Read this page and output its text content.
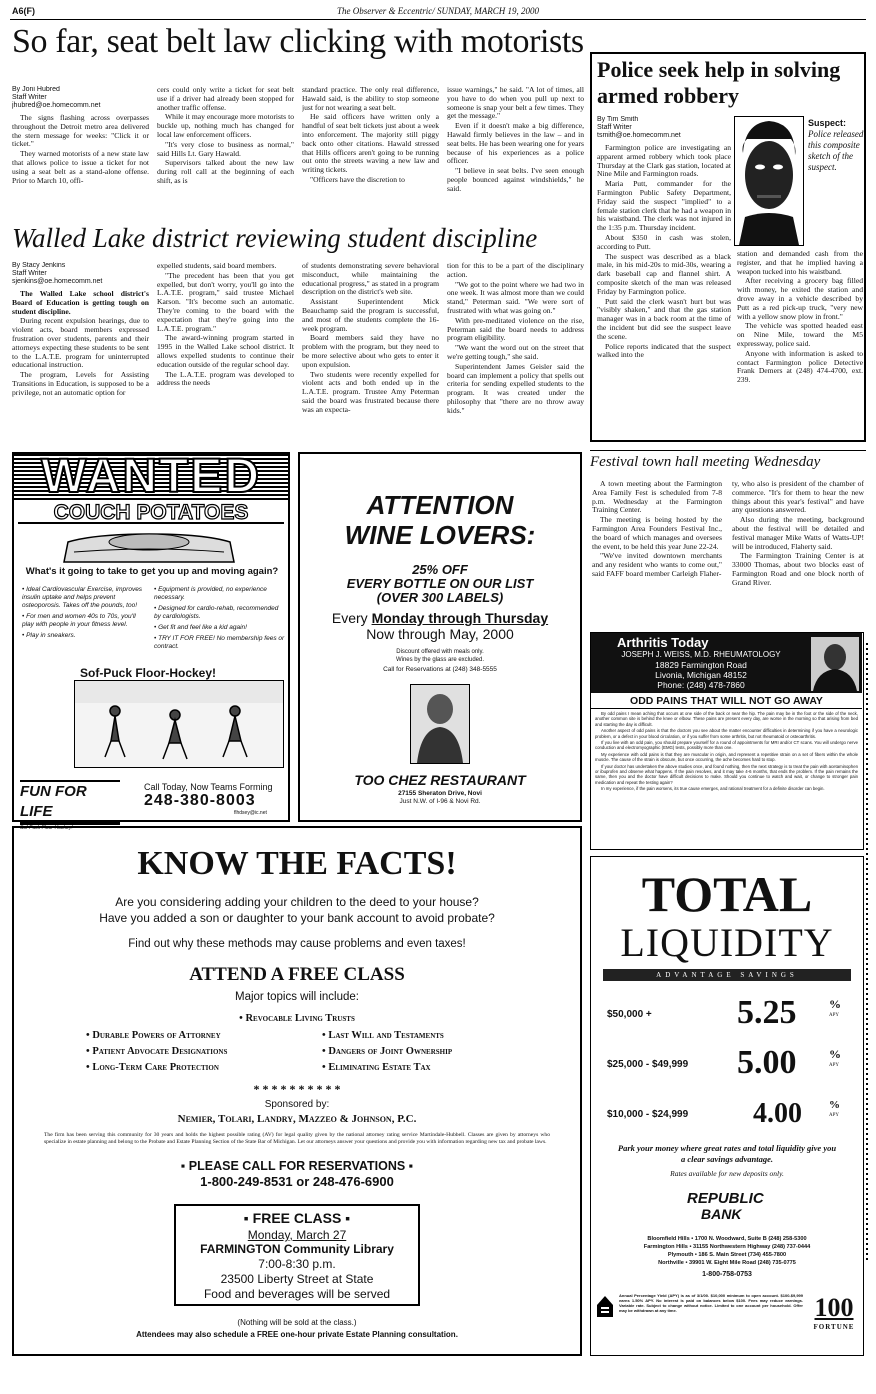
A6(F)	The Observer & Eccentric/ SUNDAY, MARCH 19, 2000
So far, seat belt law clicking with motorists
By Joni Hubred
Staff Writer
jhubred@oe.homecomm.net

The signs flashing across overpasses throughout the Detroit metro area delivered the stern message for weeks: "Click it or ticket."

They warned motorists of a new state law that allows police to issue a ticket for not using a seat belt as a stand-alone offense. Prior to March 10, offi-

cers could only write a ticket for seat belt use if a driver had already been stopped for another traffic offense.

While it may encourage more motorists to buckle up, nothing much has changed for local law enforcement officers.

"It's very close to business as normal," said Hills Lt. Gary Hawald.

Supervisors talked about the new law during roll call at the beginning of each shift, as is

standard practice. The only real difference, Hawald said, is the ability to stop someone just for not wearing a seat belt.

He said officers have written only a handful of seat belt tickets just about a week into enforcement. The majority still piggy back onto other citations. Hawald stressed that Hills officers aren't going to be running out onto the streets waving a new law and writing tickets.

"Officers have the discretion to

issue warnings," he said. "A lot of times, all you have to do when you pull up next to someone is snap your belt a few times. They get the message."

Even if it doesn't make a big difference, Hawald firmly believes in the law – and in seat belts. He has been wearing one for years because of his experiences as a police officer.

"I believe in seat belts. I've seen enough people bounced against windshields," he said.

Police seek help in solving armed robbery
By Tim Smith
Staff Writer
tsmith@oe.homecomm.net

Farmington police are investigating an apparent armed robbery which took place Thursday at the Clark gas station, located at Nine Mile and Farmington roads.

Maria Putt, commander for the Farmington Public Safety Department, Friday said the suspect "implied" to a female station clerk that he had a weapon in his waistband. The clerk was not injured in the 1:35 p.m. Thursday incident.

About $350 in cash was stolen, according to Putt.

The suspect was described as a black male, in his mid-20s to mid-30s, wearing a dark baseball cap and flannel shirt. A composite sketch of the man was released Friday by Farmington police.

Putt said the clerk wasn't hurt but was "visibly shaken," and that the gas station manager was in a back room at the time of the incident but did see the suspect leave the scene.

Police reports indicated that the suspect walked into the

Suspect:
Police released this composite sketch of the suspect.

station and demanded cash from the register, and that he implied having a weapon tucked into his waistband.

After receiving a grocery bag filled with money, he exited the station and drove away in a vehicle described by Putt as a red pick-up truck, "very new with a yellow snow plow in front."

The vehicle was spotted headed east on Nine Mile, toward the M5 expressway, police said.

Anyone with information is asked to contact Farmington police Detective Frank Demers at (248) 474-4700, ext. 239.

Walled Lake district reviewing student discipline
By Stacy Jenkins
Staff Writer
sjenkins@oe.homecomm.net

The Walled Lake school district's Board of Education is getting tough on student discipline.

During recent expulsion hearings, due to violent acts, board members expressed frustration over students, parents and their attorneys expecting these students to be sent to the L.A.T.E. program for uninterrupted educational instruction.

The program, Levels for Assisting Transitions in Education, is supposed to be a privilege, not an automatic option for

expelled students, said board members.

"The precedent has been that you get expelled, but don't worry, you'll go into the L.A.T.E. program," said trustee Michael Karson. "It's become such an automatic. They're coming to the board with the expectation that they're going into the L.A.T.E. program."

The award-winning program started in 1995 in the Walled Lake school district. It allows expelled students to continue their education outside of the regular school day.

The L.A.T.E. program was developed to address the needs

of students demonstrating severe behavioral misconduct, while maintaining the educational progress," as stated in a program description on the district's web site.

Assistant Superintendent Mick Beauchamp said the program is successful, and most of the students complete the 16-week program.

Board members said they have no problem with the program, but they need to be more selective about who gets to enter it upon expulsion.

Two students were recently expelled for violent acts and both ended up in the L.A.T.E. program. Trustee Amy Peterman said the board was frustrated because there was an expecta-

tion for this to be a part of the disciplinary action.

"We got to the point where we had two in one week. It was almost more than we could stand," Peterman said. "We were sort of frustrated with what was going on."

With pre-meditated violence on the rise, Peterman said the board needs to address program eligibility.

"We want the word out on the street that we're getting tough," she said.

Superintendent James Geisler said the board can implement a policy that spells out criteria for sending expelled students to the program. It was created under the philosophy that "there are no throw away kids."

Festival town hall meeting Wednesday

A town meeting about the Farmington Area Family Fest is scheduled from 7-8 p.m. Wednesday at the Farmington Training Center.

The meeting is being hosted by the Farmington Area Founders Festival Inc., the board of which manages and oversees the event, to be held this year June 22-24.

"We've invited downtown merchants and any resident who wants to come out," said FAFF board member Carleigh Flaher-

ty, who also is president of the chamber of commerce. "It's for them to hear the new things about this year's festival" and have any questions answered.

Also during the meeting, background about the festival will be detailed and festival manager Mike Watts of Watts-UP! will be introduced, Flaherty said.

The Farmington Training Center is at 33000 Thomas, about two blocks east of Farmington Road and one block north of Grand River.

WANTED
COUCH POTATOES
What's it going to take to get you up and moving again?
• Ideal Cardiovascular Exercise, improves insulin uptake and helps prevent osteoporosis. Takes off the pounds, too!
• For men and women 40s to 70s, you'll play with people in your fitness level.
• Play in sneakers.
• Equipment is provided, no experience necessary.
• Designed for cardio-rehab, recommended by cardiologists.
• Get fit and feel like a kid again!
• TRY IT FOR FREE! No membership fees or contract.
Sof-Puck Floor-Hockey!
FUN FOR LIFE
Sof-Puck Floor-Hockey!
Call Today, Now Teams Forming
248-380-8003
flhdsey@ic.net
ATTENTION WINE LOVERS:
25% OFF
EVERY BOTTLE ON OUR LIST
(OVER 300 LABELS)
Every Monday through Thursday
Now through May, 2000
Discount offered with meals only.
Wines by the glass are excluded.
Call for Reservations at (248) 348-5555
TOO CHEZ RESTAURANT
27155 Sheraton Drive, Novi
Just N.W. of I-96 & Novi Rd.
Arthritis Today
JOSEPH J. WEISS, M.D. RHEUMATOLOGY
18829 Farmington Road
Livonia, Michigan 48152
Phone: (248) 478-7860
ODD PAINS THAT WILL NOT GO AWAY

By odd pains I mean aching that occurs at one side of the back or near the hip. The pain may be in the foot or the side of the neck, another common site is behind the knee or elbow. These pains are present every day, are worse in the morning so that arising from bed and starting the day is difficult.

Another aspect of odd pains is that the doctors you see about the matter encounter difficulties in determining if you have a neurologic problem, or a defect in your blood circulation, or if you suffer from some arthritis, but not rheumatoid or osteoarthritis.

If you live with an odd pain, you should prepare yourself for a round of appointments for MRI and/or CT scans. You will undergo nerve conduction and electromyographic (EMG) tests, possibly more than one.

My experience with odd pains is that they are muscular in origin, and represent a repetitive strain on a set of fibers within the whole muscle. The cause of the strain is obscure, but once occurring, the ache becomes hard to stop.

If your doctor has undertaken the above studies once, and found nothing, then the next strategy is to treat the pain with acetaminophen or ibuprofen and observe what happens. If the pain resolves, and it may take 4-6 months, that ends the problem. If the pain remains the same, then you and the doctor have difficult decisions to make. Should you continue to watch and wait, or change to stronger pain medication and repeat the testing again?

In my experience, if the pain worsens, its true cause emerges, and rational treatment for a definite disorder can begin.

KNOW THE FACTS!
Are you considering adding your children to the deed to your house?
Have you added a son or daughter to your bank account to avoid probate?
Find out why these methods may cause problems and even taxes!
ATTEND A FREE CLASS
Major topics will include:
• Revocable Living Trusts
• Durable Powers of Attorney
• Patient Advocate Designations
• Long-Term Care Protection
• Last Will and Testaments
• Dangers of Joint Ownership
• Eliminating Estate Tax
* * * * * * * * * *
Sponsored by:
Nemier, Tolari, Landry, Mazzeo & Johnson, P.C.
The firm has been serving this community for 30 years and holds the highest possible rating (AV) for legal quality given by the national attorney rating service Martindale-Hubbell. Classes are given by attorneys who specialize in estate planning and belong to the Probate and Estate Planning Section of the State Bar of Michigan. Let our attorneys answer your questions and provide you with information regarding new tax and probate laws.
▪ PLEASE CALL FOR RESERVATIONS ▪
1-800-249-8531 or 248-476-6900
▪ FREE CLASS ▪
Monday, March 27
FARMINGTON Community Library
7:00-8:30 p.m.
23500 Liberty Street at State
Food and beverages will be served
(Nothing will be sold at the class.)
Attendees may also schedule a FREE one-hour private Estate Planning consultation.
TOTAL
LIQUIDITY
ADVANTAGE SAVINGS
$50,000 +	5.25	%
APY
$25,000 - $49,999 5.00	%
APY
$10,000 - $24,999 4.00 %
APY
Park your money where great rates and total liquidity give you a clear savings advantage.
Rates available for new deposits only.
REPUBLIC
BANK
Bloomfield Hills • 1700 N. Woodward, Suite B (248) 258-5300
Farmington Hills • 31155 Northwestern Highway (248) 737-0444
Plymouth • 186 S. Main Street (734) 455-7800
Northville • 39901 W. Eight Mile Road (248) 735-0775
1-800-758-0753
Annual Percentage Yield (APY) is as of 3/1/00. $10,000 minimum to open account. $100-$9,999 earns 1.50% APY. No interest is paid on balances below $100. Fees may reduce earnings. Variable rate. Subject to change without notice. Limited to one account per household. Offer may be withdrawn at any time.	100
FORTUNE
